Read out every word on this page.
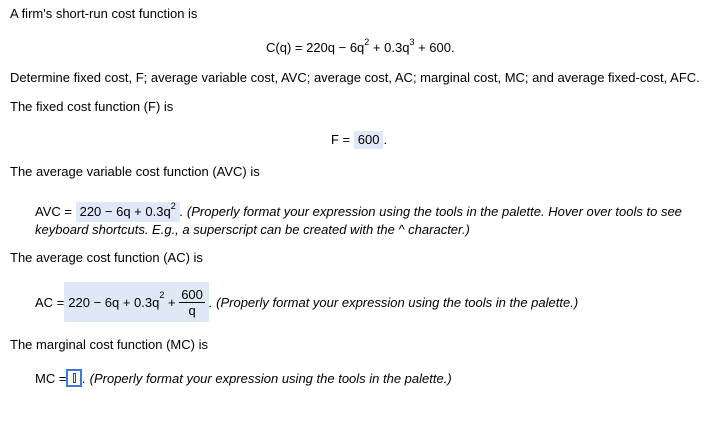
A firm's short-run cost function is
$C(q) = 220q - 6q^2 + 0.3q^3 + 600$.
Determine fixed cost, F; average variable cost, AVC; average cost, AC; marginal cost, MC; and average fixed-cost, AFC.
The fixed cost function (F) is
F = 600 .
The average variable cost function (AVC) is
AVC = $220 - 6q + 0.3q^2$ . (Properly format your expression using the tools in the palette. Hover over tools to see
keyboard shortcuts. E.g., a superscript can be created with the ^ character.)
The average cost function (AC) is
AC = 220 − 6q + 0.3q $2 + \frac{600}{q}$ . (Properly format your expression using the tools in the palette.)
The marginal cost function (MC) is
MC = . (Properly format your expression using the tools in the palette.)
